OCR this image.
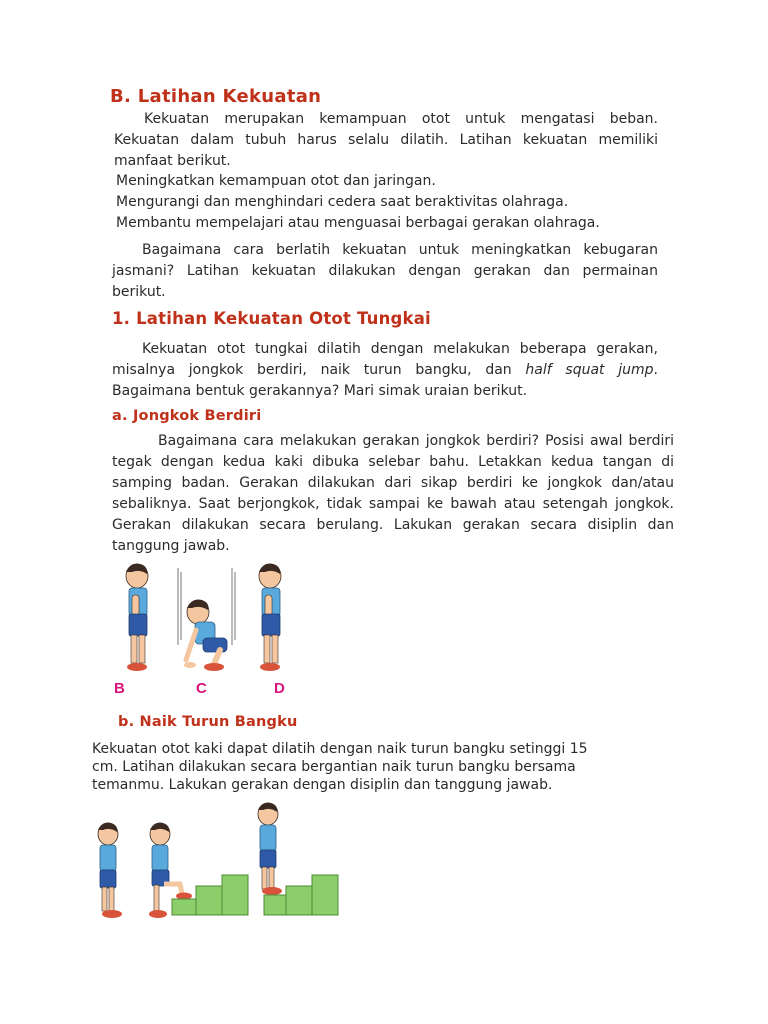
B. Latihan Kekuatan
Kekuatan merupakan kemampuan otot untuk mengatasi beban. Kekuatan dalam tubuh harus selalu dilatih. Latihan kekuatan memiliki manfaat berikut.
Meningkatkan kemampuan otot dan jaringan.
Mengurangi dan menghindari cedera saat beraktivitas olahraga.
Membantu mempelajari atau menguasai berbagai gerakan olahraga.
Bagaimana cara berlatih kekuatan untuk meningkatkan kebugaran jasmani? Latihan kekuatan dilakukan dengan gerakan dan permainan berikut.
1. Latihan Kekuatan Otot Tungkai
Kekuatan otot tungkai dilatih dengan melakukan beberapa gerakan, misalnya jongkok berdiri, naik turun bangku, dan half squat jump. Bagaimana bentuk gerakannya? Mari simak uraian berikut.
a. Jongkok Berdiri
Bagaimana cara melakukan gerakan jongkok berdiri? Posisi awal berdiri tegak dengan kedua kaki dibuka selebar bahu. Letakkan kedua tangan di samping badan. Gerakan dilakukan dari sikap berdiri ke jongkok dan/atau sebaliknya. Saat berjongkok, tidak sampai ke bawah atau setengah jongkok. Gerakan dilakukan secara berulang. Lakukan gerakan secara disiplin dan tanggung jawab.
B	C	D
b. Naik Turun Bangku
Kekuatan otot kaki dapat dilatih dengan naik turun bangku setinggi 15
cm. Latihan dilakukan secara bergantian naik turun bangku bersama
temanmu. Lakukan gerakan dengan disiplin dan tanggung jawab.
